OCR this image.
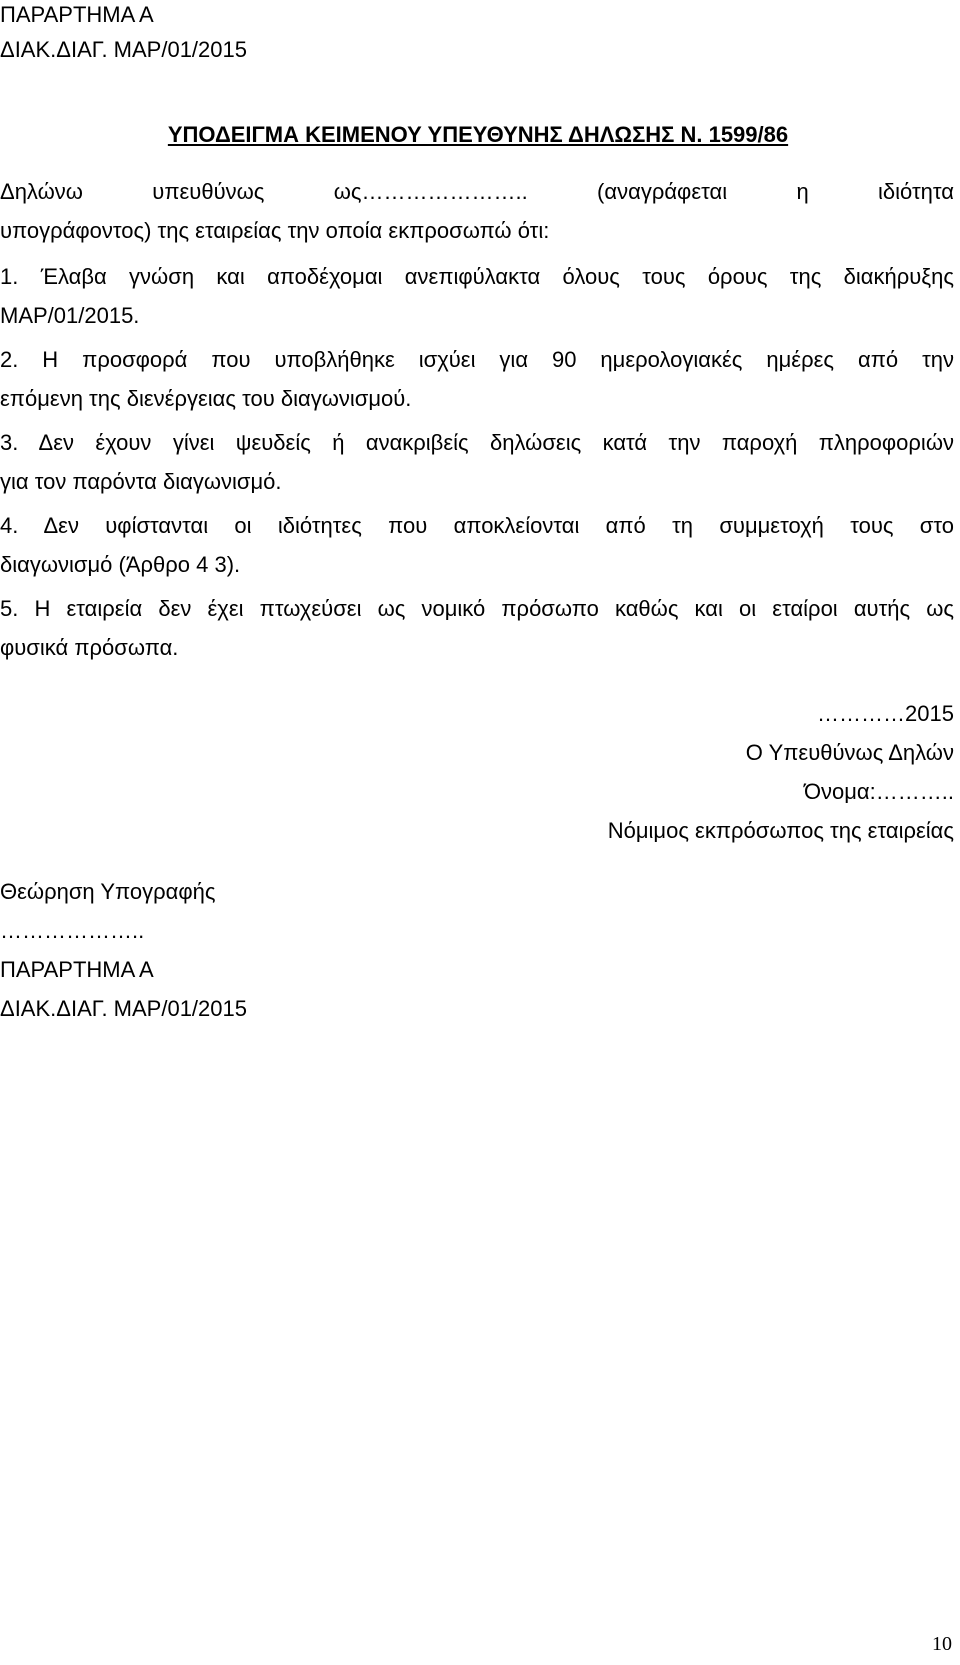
ΠΑΡΑΡΤΗΜΑ Α
ΔΙΑΚ.ΔΙΑΓ. ΜΑΡ/01/2015
ΥΠΟΔΕΙΓΜΑ ΚΕΙΜΕΝΟΥ ΥΠΕΥΘΥΝΗΣ ΔΗΛΩΣΗΣ Ν. 1599/86
Δηλώνω υπευθύνως ως………………….. (αναγράφεται η ιδιότητα
υπογράφοντος) της εταιρείας την οποία εκπροσωπώ ότι:
1. Έλαβα γνώση και αποδέχομαι ανεπιφύλακτα όλους τους όρους της διακήρυξης
ΜΑΡ/01/2015.
2. Η προσφορά που υποβλήθηκε ισχύει για 90 ημερολογιακές ημέρες από την
επόμενη της διενέργειας του διαγωνισμού.
3. Δεν έχουν γίνει ψευδείς ή ανακριβείς δηλώσεις κατά την παροχή πληροφοριών
για τον παρόντα διαγωνισμό.
4. Δεν υφίστανται οι ιδιότητες που αποκλείονται από τη συμμετοχή τους στο
διαγωνισμό (Άρθρο 4 3).
5. Η εταιρεία δεν έχει πτωχεύσει ως νομικό πρόσωπο καθώς και οι εταίροι αυτής ως
φυσικά πρόσωπα.
…………2015
Ο Υπευθύνως Δηλών
Όνομα:………..
Νόμιμος εκπρόσωπος της εταιρείας
Θεώρηση Υπογραφής
………………..
ΠΑΡΑΡΤΗΜΑ Α
ΔΙΑΚ.ΔΙΑΓ. ΜΑΡ/01/2015
10
